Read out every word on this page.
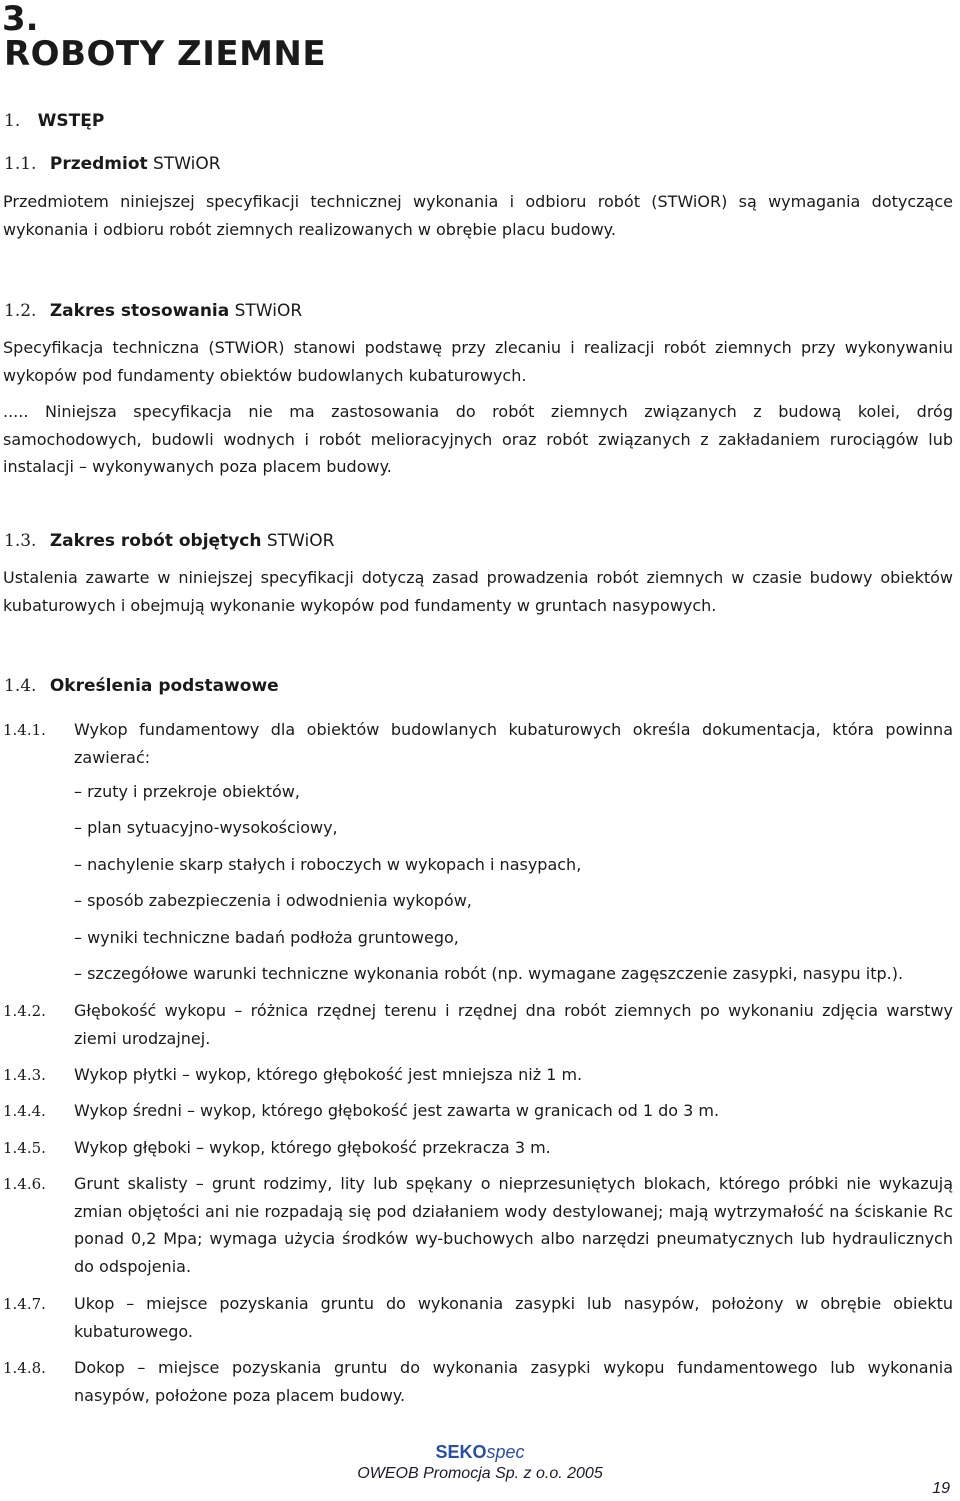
3.
ROBOTY ZIEMNE
1. WSTĘP
1.1. Przedmiot STWiOR
Przedmiotem niniejszej specyfikacji technicznej wykonania i odbioru robót (STWiOR) są wymagania dotyczące
wykonania i odbioru robót ziemnych realizowanych w obrębie placu budowy.
1.2. Zakres stosowania STWiOR
Specyfikacja techniczna (STWiOR) stanowi podstawę przy zlecaniu i realizacji robót ziemnych przy wykonywaniu
wykopów pod fundamenty obiektów budowlanych kubaturowych.
..... Niniejsza specyfikacja nie ma zastosowania do robót ziemnych związanych z budową kolei, dróg
samochodowych, budowli wodnych i robót melioracyjnych oraz robót związanych z zakładaniem rurociągów lub
instalacji – wykonywanych poza placem budowy.
1.3. Zakres robót objętych STWiOR
Ustalenia zawarte w niniejszej specyfikacji dotyczą zasad prowadzenia robót ziemnych w czasie budowy obiektów
kubaturowych i obejmują wykonanie wykopów pod fundamenty w gruntach nasypowych.
1.4. Określenia podstawowe
1.4.1. Wykop fundamentowy dla obiektów budowlanych kubaturowych określa dokumentacja, która powinna
zawierać:
– rzuty i przekroje obiektów,
– plan sytuacyjno-wysokościowy,
– nachylenie skarp stałych i roboczych w wykopach i nasypach,
– sposób zabezpieczenia i odwodnienia wykopów,
– wyniki techniczne badań podłoża gruntowego,
– szczegółowe warunki techniczne wykonania robót (np. wymagane zagęszczenie zasypki, nasypu itp.).
1.4.2. Głębokość wykopu – różnica rzędnej terenu i rzędnej dna robót ziemnych po wykonaniu zdjęcia warstwy
ziemi urodzajnej.
1.4.3. Wykop płytki – wykop, którego głębokość jest mniejsza niż 1 m.
1.4.4. Wykop średni – wykop, którego głębokość jest zawarta w granicach od 1 do 3 m.
1.4.5. Wykop głęboki – wykop, którego głębokość przekracza 3 m.
1.4.6. Grunt skalisty – grunt rodzimy, lity lub spękany o nieprzesuniętych blokach, którego próbki nie wykazują
zmian objętości ani nie rozpadają się pod działaniem wody destylowanej; mają wytrzymałość na ściskanie Rc
ponad 0,2 Mpa; wymaga użycia środków wy-buchowych albo narzędzi pneumatycznych lub hydraulicznych
do odspojenia.
1.4.7. Ukop – miejsce pozyskania gruntu do wykonania zasypki lub nasypów, położony w obrębie obiektu
kubaturowego.
1.4.8. Dokop – miejsce pozyskania gruntu do wykonania zasypki wykopu fundamentowego lub wykonania
nasypów, położone poza placem budowy.
SEKOspec
OWEOB Promocja Sp. z o.o. 2005
19
